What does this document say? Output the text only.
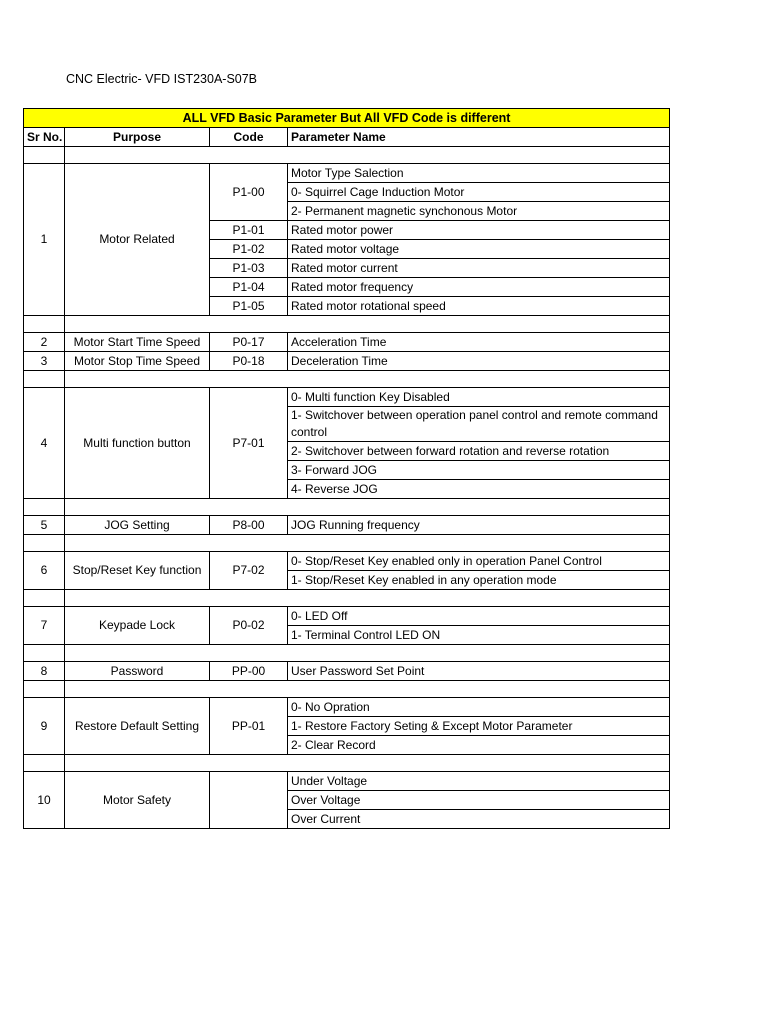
CNC Electric- VFD IST230A-S07B
ALL VFD Basic Parameter But All VFD Code is different			
Sr No.	Purpose	Code	Parameter Name

1	Motor Related	P1-00	Motor Type Salection
			0- Squirrel Cage Induction Motor
			2- Permanent magnetic synchonous Motor
		P1-01	Rated motor power
		P1-02	Rated motor voltage
		P1-03	Rated motor current
		P1-04	Rated motor frequency
		P1-05	Rated motor rotational speed

2	Motor Start Time Speed	P0-17	Acceleration Time
3	Motor Stop Time Speed	P0-18	Deceleration Time

4	Multi function button	P7-01	0- Multi function Key Disabled
			1- Switchover between operation panel control and remote command control
			2- Switchover between forward rotation and reverse rotation
			3- Forward JOG
			4- Reverse JOG

5	JOG Setting	P8-00	JOG Running frequency

6	Stop/Reset Key function	P7-02	0- Stop/Reset Key enabled only in operation Panel Control
			1- Stop/Reset Key enabled in any operation mode

7	Keypade Lock	P0-02	0- LED Off
			1- Terminal Control LED ON

8	Password	PP-00	User Password Set Point

9	Restore Default Setting	PP-01	0- No Opration
			1- Restore Factory Seting & Except Motor Parameter
			2- Clear Record

10	Motor Safety		Under Voltage
			Over Voltage
			Over Current
